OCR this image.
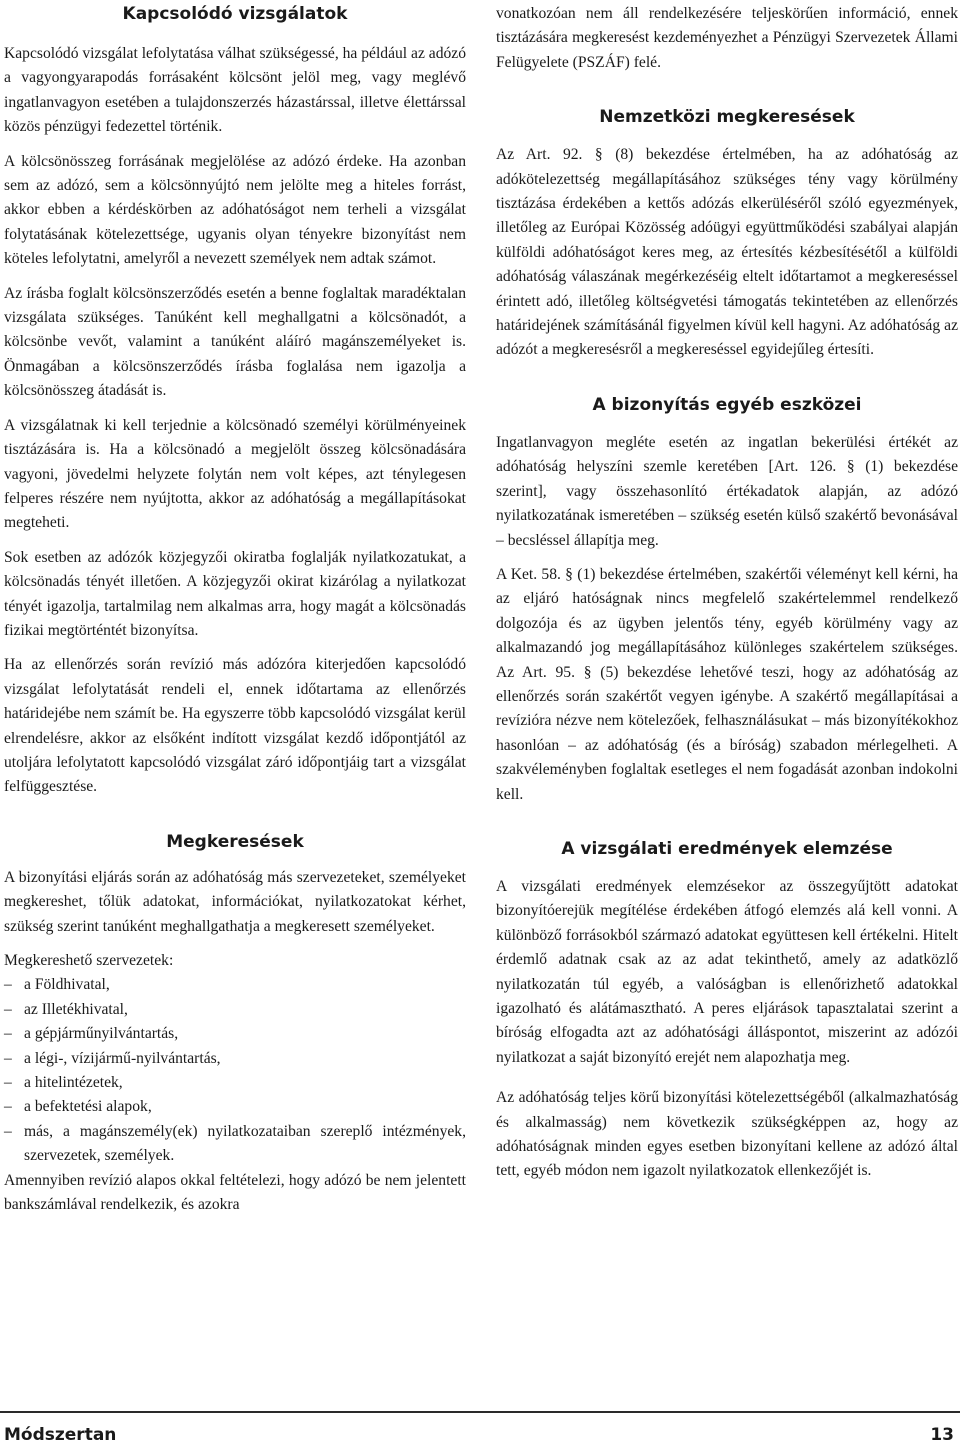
Kapcsolódó vizsgálatok

Kapcsolódó vizsgálat lefolytatása válhat szükségessé, ha például az adózó a vagyongyarapodás forrásaként kölcsönt jelöl meg, vagy meglévő ingatlanvagyon esetében a tulajdonszerzés házastárssal, illetve élettárssal közös pénzügyi fedezettel történik.

A kölcsönösszeg forrásának megjelölése az adózó érdeke. Ha azonban sem az adózó, sem a kölcsönnyújtó nem jelölte meg a hiteles forrást, akkor ebben a kérdéskörben az adóhatóságot nem terheli a vizsgálat folytatásának kötelezettsége, ugyanis olyan tényekre bizonyítást nem köteles lefolytatni, amelyről a nevezett személyek nem adtak számot.

Az írásba foglalt kölcsönszerződés esetén a benne foglaltak maradéktalan vizsgálata szükséges. Tanúként kell meghallgatni a kölcsönadót, a kölcsönbe vevőt, valamint a tanúként aláíró magánszemélyeket is. Önmagában a kölcsönszerződés írásba foglalása nem igazolja a kölcsönösszeg átadását is.

A vizsgálatnak ki kell terjednie a kölcsönadó személyi körülményeinek tisztázására is. Ha a kölcsönadó a megjelölt összeg kölcsönadására vagyoni, jövedelmi helyzete folytán nem volt képes, azt ténylegesen felperes részére nem nyújtotta, akkor az adóhatóság a megállapításokat megteheti.

Sok esetben az adózók közjegyzői okiratba foglalják nyilatkozatukat, a kölcsönadás tényét illetően. A közjegyzői okirat kizárólag a nyilatkozat tényét igazolja, tartalmilag nem alkalmas arra, hogy magát a kölcsönadás fizikai megtörténtét bizonyítsa.

Ha az ellenőrzés során revízió más adózóra kiterjedően kapcsolódó vizsgálat lefolytatását rendeli el, ennek időtartama az ellenőrzés határidejébe nem számít be. Ha egyszerre több kapcsolódó vizsgálat kerül elrendelésre, akkor az elsőként indított vizsgálat kezdő időpontjától az utoljára lefolytatott kapcsolódó vizsgálat záró időpontjáig tart a vizsgálat felfüggesztése.

Megkeresések

A bizonyítási eljárás során az adóhatóság más szervezeteket, személyeket megkereshet, tőlük adatokat, információkat, nyilatkozatokat kérhet, szükség szerint tanúként meghallgathatja a megkeresett személyeket.

Megkereshető szervezetek:
– a Földhivatal,
– az Illetékhivatal,
– a gépjárműnyilvántartás,
– a légi-, vízijármű-nyilvántartás,
– a hitelintézetek,
– a befektetési alapok,
– más, a magánszemély(ek) nyilatkozataiban szereplő intézmények, szervezetek, személyek.

Amennyiben revízió alapos okkal feltételezi, hogy adózó be nem jelentett bankszámlával rendelkezik, és azokra

vonatkozóan nem áll rendelkezésére teljeskörűen információ, ennek tisztázására megkeresést kezdeményezhet a Pénzügyi Szervezetek Állami Felügyelete (PSZÁF) felé.

Nemzetközi megkeresések

Az Art. 92. § (8) bekezdése értelmében, ha az adóhatóság az adókötelezettség megállapításához szükséges tény vagy körülmény tisztázása érdekében a kettős adózás elkerüléséről szóló egyezmények, illetőleg az Európai Közösség adóügyi együttműködési szabályai alapján külföldi adóhatóságot keres meg, az értesítés kézbesítésétől a külföldi adóhatóság válaszának megérkezéséig eltelt időtartamot a megkereséssel érintett adó, illetőleg költségvetési támogatás tekintetében az ellenőrzés határidejének számításánál figyelmen kívül kell hagyni. Az adóhatóság az adózót a megkeresésről a megkereséssel egyidejűleg értesíti.

A bizonyítás egyéb eszközei

Ingatlanvagyon megléte esetén az ingatlan bekerülési értékét az adóhatóság helyszíni szemle keretében [Art. 126. § (1) bekezdése szerint], vagy összehasonlító értékadatok alapján, az adózó nyilatkozatának ismeretében – szükség esetén külső szakértő bevonásával – becsléssel állapítja meg.

A Ket. 58. § (1) bekezdése értelmében, szakértői véleményt kell kérni, ha az eljáró hatóságnak nincs megfelelő szakértelemmel rendelkező dolgozója és az ügyben jelentős tény, egyéb körülmény vagy az alkalmazandó jog megállapításához különleges szakértelem szükséges. Az Art. 95. § (5) bekezdése lehetővé teszi, hogy az adóhatóság az ellenőrzés során szakértőt vegyen igénybe. A szakértő megállapításai a revízióra nézve nem kötelezőek, felhasználásukat – más bizonyítékokhoz hasonlóan – az adóhatóság (és a bíróság) szabadon mérlegelheti. A szakvéleményben foglaltak esetleges el nem fogadását azonban indokolni kell.

A vizsgálati eredmények elemzése

A vizsgálati eredmények elemzésekor az összegyűjtött adatokat bizonyítóerejük megítélése érdekében átfogó elemzés alá kell vonni. A különböző forrásokból származó adatokat együttesen kell értékelni. Hitelt érdemlő adatnak csak az az adat tekinthető, amely az adatközlő nyilatkozatán túl egyéb, a valóságban is ellenőrizhető adatokkal igazolható és alátámasztható. A peres eljárások tapasztalatai szerint a bíróság elfogadta azt az adóhatósági álláspontot, miszerint az adózói nyilatkozat a saját bizonyító erejét nem alapozhatja meg.

Az adóhatóság teljes körű bizonyítási kötelezettségéből (alkalmazhatóság és alkalmasság) nem következik szükségképpen az, hogy az adóhatóságnak minden egyes esetben bizonyítani kellene az adózó által tett, egyéb módon nem igazolt nyilatkozatok ellenkezőjét is.

Módszertan	13
